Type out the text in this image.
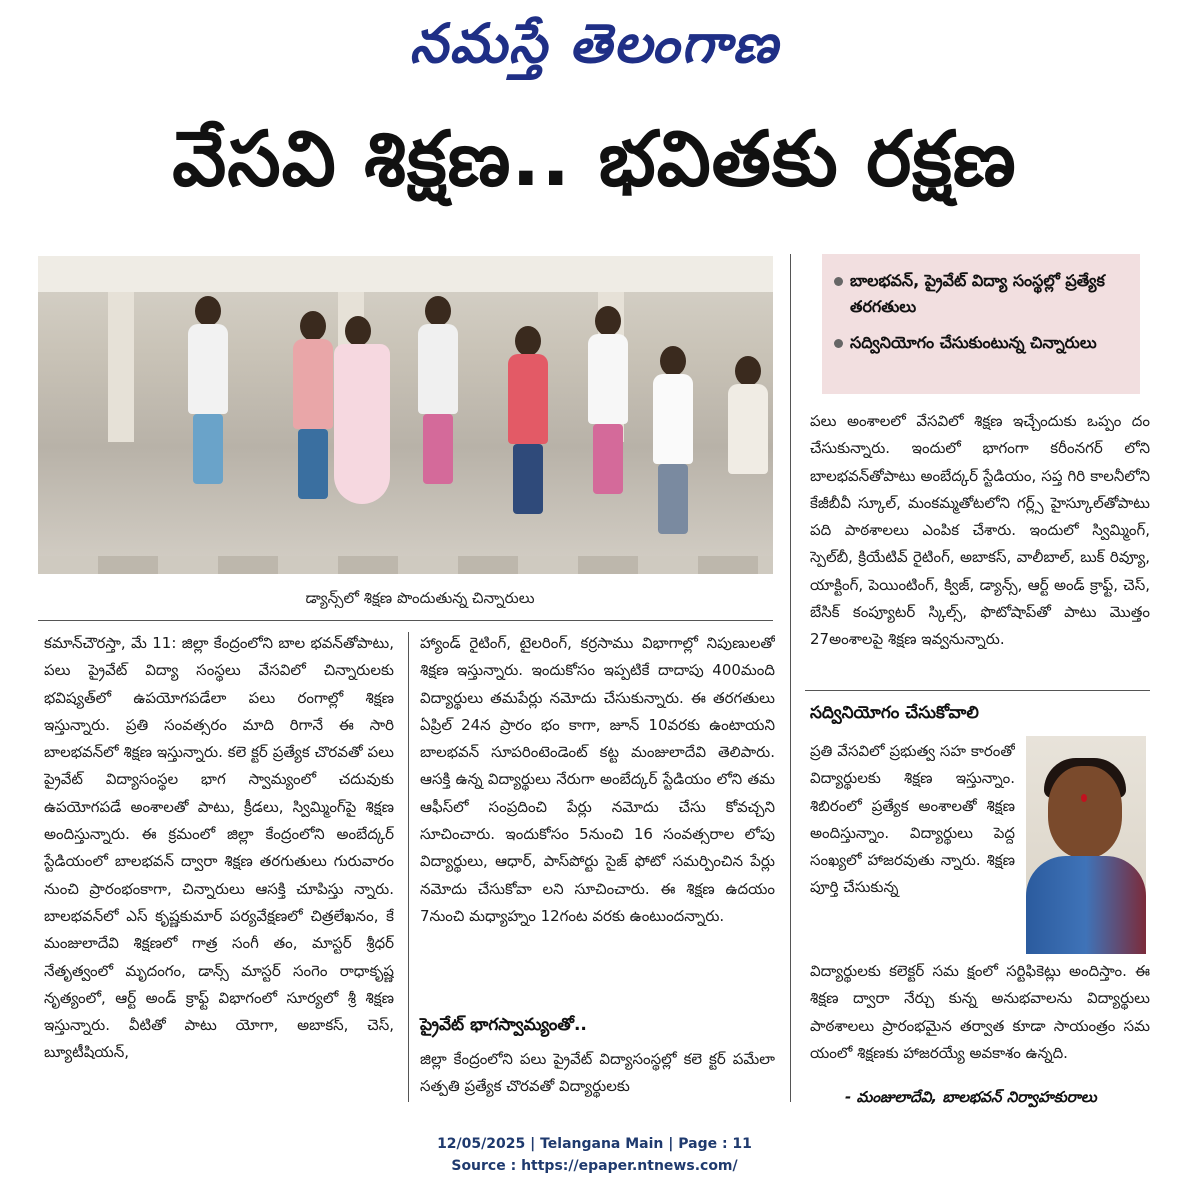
నమస్తే తెలంగాణ
వేసవి శిక్షణ.. భవితకు రక్షణ
డ్యాన్స్‌లో శిక్షణ పొందుతున్న చిన్నారులు
బాలభవన్, ప్రైవేట్ విద్యా సంస్థల్లో ప్రత్యేక తరగతులు
సద్వినియోగం చేసుకుంటున్న చిన్నారులు
కమాన్‌చౌరస్తా, మే 11: జిల్లా కేంద్రంలోని బాల భవన్‌తోపాటు, పలు ప్రైవేట్ విద్యా సంస్థలు వేసవిలో చిన్నారులకు భవిష్యత్‌లో ఉపయోగపడేలా పలు రంగాల్లో శిక్షణ ఇస్తున్నారు. ప్రతి సంవత్సరం మాది రిగానే ఈ సారి బాలభవన్‌లో శిక్షణ ఇస్తున్నారు. కలె క్టర్ ప్రత్యేక చొరవతో పలు ప్రైవేట్ విద్యాసంస్థల భాగ స్వామ్యంలో చదువుకు ఉపయోగపడే అంశాలతో పాటు, క్రీడలు, స్విమ్మింగ్‌పై శిక్షణ అందిస్తున్నారు. ఈ క్రమంలో జిల్లా కేంద్రంలోని అంబేద్కర్ స్టేడియంలో బాలభవన్ ద్వారా శిక్షణ తరగుతులు గురువారం నుంచి ప్రారంభంకాగా, చిన్నారులు ఆసక్తి చూపిస్తు న్నారు. బాలభవన్‌లో ఎస్ కృష్ణకుమార్ పర్యవేక్షణలో చిత్రలేఖనం, కే మంజులాదేవి శిక్షణలో గాత్ర సంగీ తం, మాస్టర్ శ్రీధర్ నేతృత్వంలో మృదంగం, డాన్స్ మాస్టర్ సంగెం రాధాకృష్ణ నృత్యంలో, ఆర్ట్ అండ్ క్రాఫ్ట్ విభాగంలో సూర్యలో శ్రీ శిక్షణ ఇస్తున్నారు. వీటితో పాటు యోగా, అబాకస్, చెస్, బ్యూటీషియన్,
హ్యాండ్ రైటింగ్, టైలరింగ్, కర్రసాము విభాగాల్లో నిపుణులతో శిక్షణ ఇస్తున్నారు. ఇందుకోసం ఇప్పటికే దాదాపు 400మంది విద్యార్థులు తమపేర్లు నమోదు చేసుకున్నారు. ఈ తరగతులు ఏప్రిల్ 24న ప్రారం భం కాగా, జూన్ 10వరకు ఉంటాయని బాలభవన్ సూపరింటెండెంట్ కట్ట మంజులాదేవి తెలిపారు. ఆసక్తి ఉన్న విద్యార్థులు నేరుగా అంబేద్కర్ స్టేడియం లోని తమ ఆఫీస్‌లో సంప్రదించి పేర్లు నమోదు చేసు కోవచ్చని సూచించారు. ఇందుకోసం 5నుంచి 16 సంవత్సరాల లోపు విద్యార్థులు, ఆధార్, పాస్‌పోర్టు సైజ్ ఫోటో సమర్పించిన పేర్లు నమోదు చేసుకోవా లని సూచించారు. ఈ శిక్షణ ఉదయం 7నుంచి మధ్యాహ్నం 12గంట వరకు ఉంటుందన్నారు.
ప్రైవేట్ భాగస్వామ్యంతో..
జిల్లా కేంద్రంలోని పలు ప్రైవేట్ విద్యాసంస్థల్లో కలె క్టర్ పమేలా సత్పతి ప్రత్యేక చొరవతో విద్యార్థులకు
పలు అంశాలలో వేసవిలో శిక్షణ ఇచ్చేందుకు ఒప్పం దం చేసుకున్నారు. ఇందులో భాగంగా కరీంనగర్ లోని బాలభవన్‌తోపాటు అంబేద్కర్ స్టేడియం, సప్త గిరి కాలనీలోని కేజీబీవీ స్కూల్, మంకమ్మతోటలోని గర్ల్స్ హైస్కూల్‌తోపాటు పది పాఠశాలలు ఎంపిక చేశారు. ఇందులో స్విమ్మింగ్, స్పెల్‌బీ, క్రియేటివ్ రైటింగ్, అబాకస్, వాలీబాల్, బుక్ రివ్యూ, యాక్టింగ్, పెయింటింగ్, క్విజ్, డ్యాన్స్, ఆర్ట్ అండ్ క్రాఫ్ట్, చెస్, బేసిక్ కంప్యూటర్ స్కిల్స్, ఫొటోషాప్‌తో పాటు మొత్తం 27అంశాలపై శిక్షణ ఇవ్వనున్నారు.
సద్వినియోగం చేసుకోవాలి
ప్రతి వేసవిలో ప్రభుత్వ సహ కారంతో విద్యార్థులకు శిక్షణ ఇస్తున్నాం. శిబిరంలో ప్రత్యేక అంశాలతో శిక్షణ అందిస్తున్నాం. విద్యార్థులు పెద్ద సంఖ్యలో హాజరవుతు న్నారు. శిక్షణ పూర్తి చేసుకున్న
విద్యార్థులకు కలెక్టర్ సమ క్షంలో సర్టిఫికెట్లు అందిస్తాం. ఈ శిక్షణ ద్వారా నేర్చు కున్న అనుభవాలను విద్యార్థులు పాఠశాలలు ప్రారంభమైన తర్వాత కూడా సాయంత్రం సమ యంలో శిక్షణకు హాజరయ్యే అవకాశం ఉన్నది.
- మంజులాదేవి, బాలభవన్ నిర్వాహకురాలు
12/05/2025 | Telangana Main | Page : 11
Source : https://epaper.ntnews.com/
